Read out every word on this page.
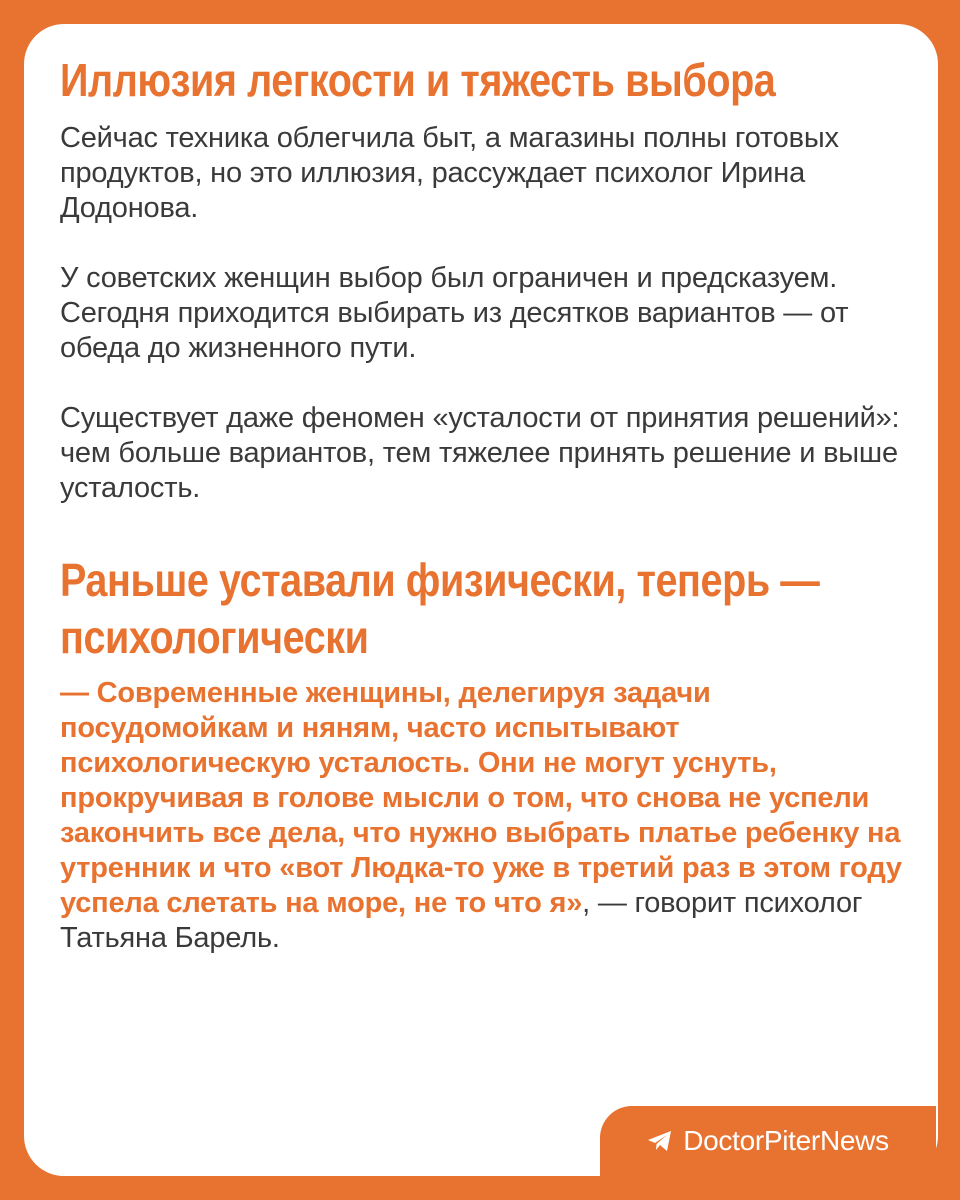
Иллюзия легкости и тяжесть выбора

Сейчас техника облегчила быт, а магазины полны готовых продуктов, но это иллюзия, рассуждает психолог Ирина Додонова.

У советских женщин выбор был ограничен и предсказуем. Сегодня приходится выбирать из десятков вариантов — от обеда до жизненного пути.

Существует даже феномен «усталости от принятия решений»: чем больше вариантов, тем тяжелее принять решение и выше усталость.

Раньше уставали физически, теперь — психологически

— Современные женщины, делегируя задачи посудомойкам и няням, часто испытывают психологическую усталость. Они не могут уснуть, прокручивая в голове мысли о том, что снова не успели закончить все дела, что нужно выбрать платье ребенку на утренник и что «вот Людка-то уже в третий раз в этом году успела слетать на море, не то что я», — говорит психолог Татьяна Барель.

DoctorPiterNews
